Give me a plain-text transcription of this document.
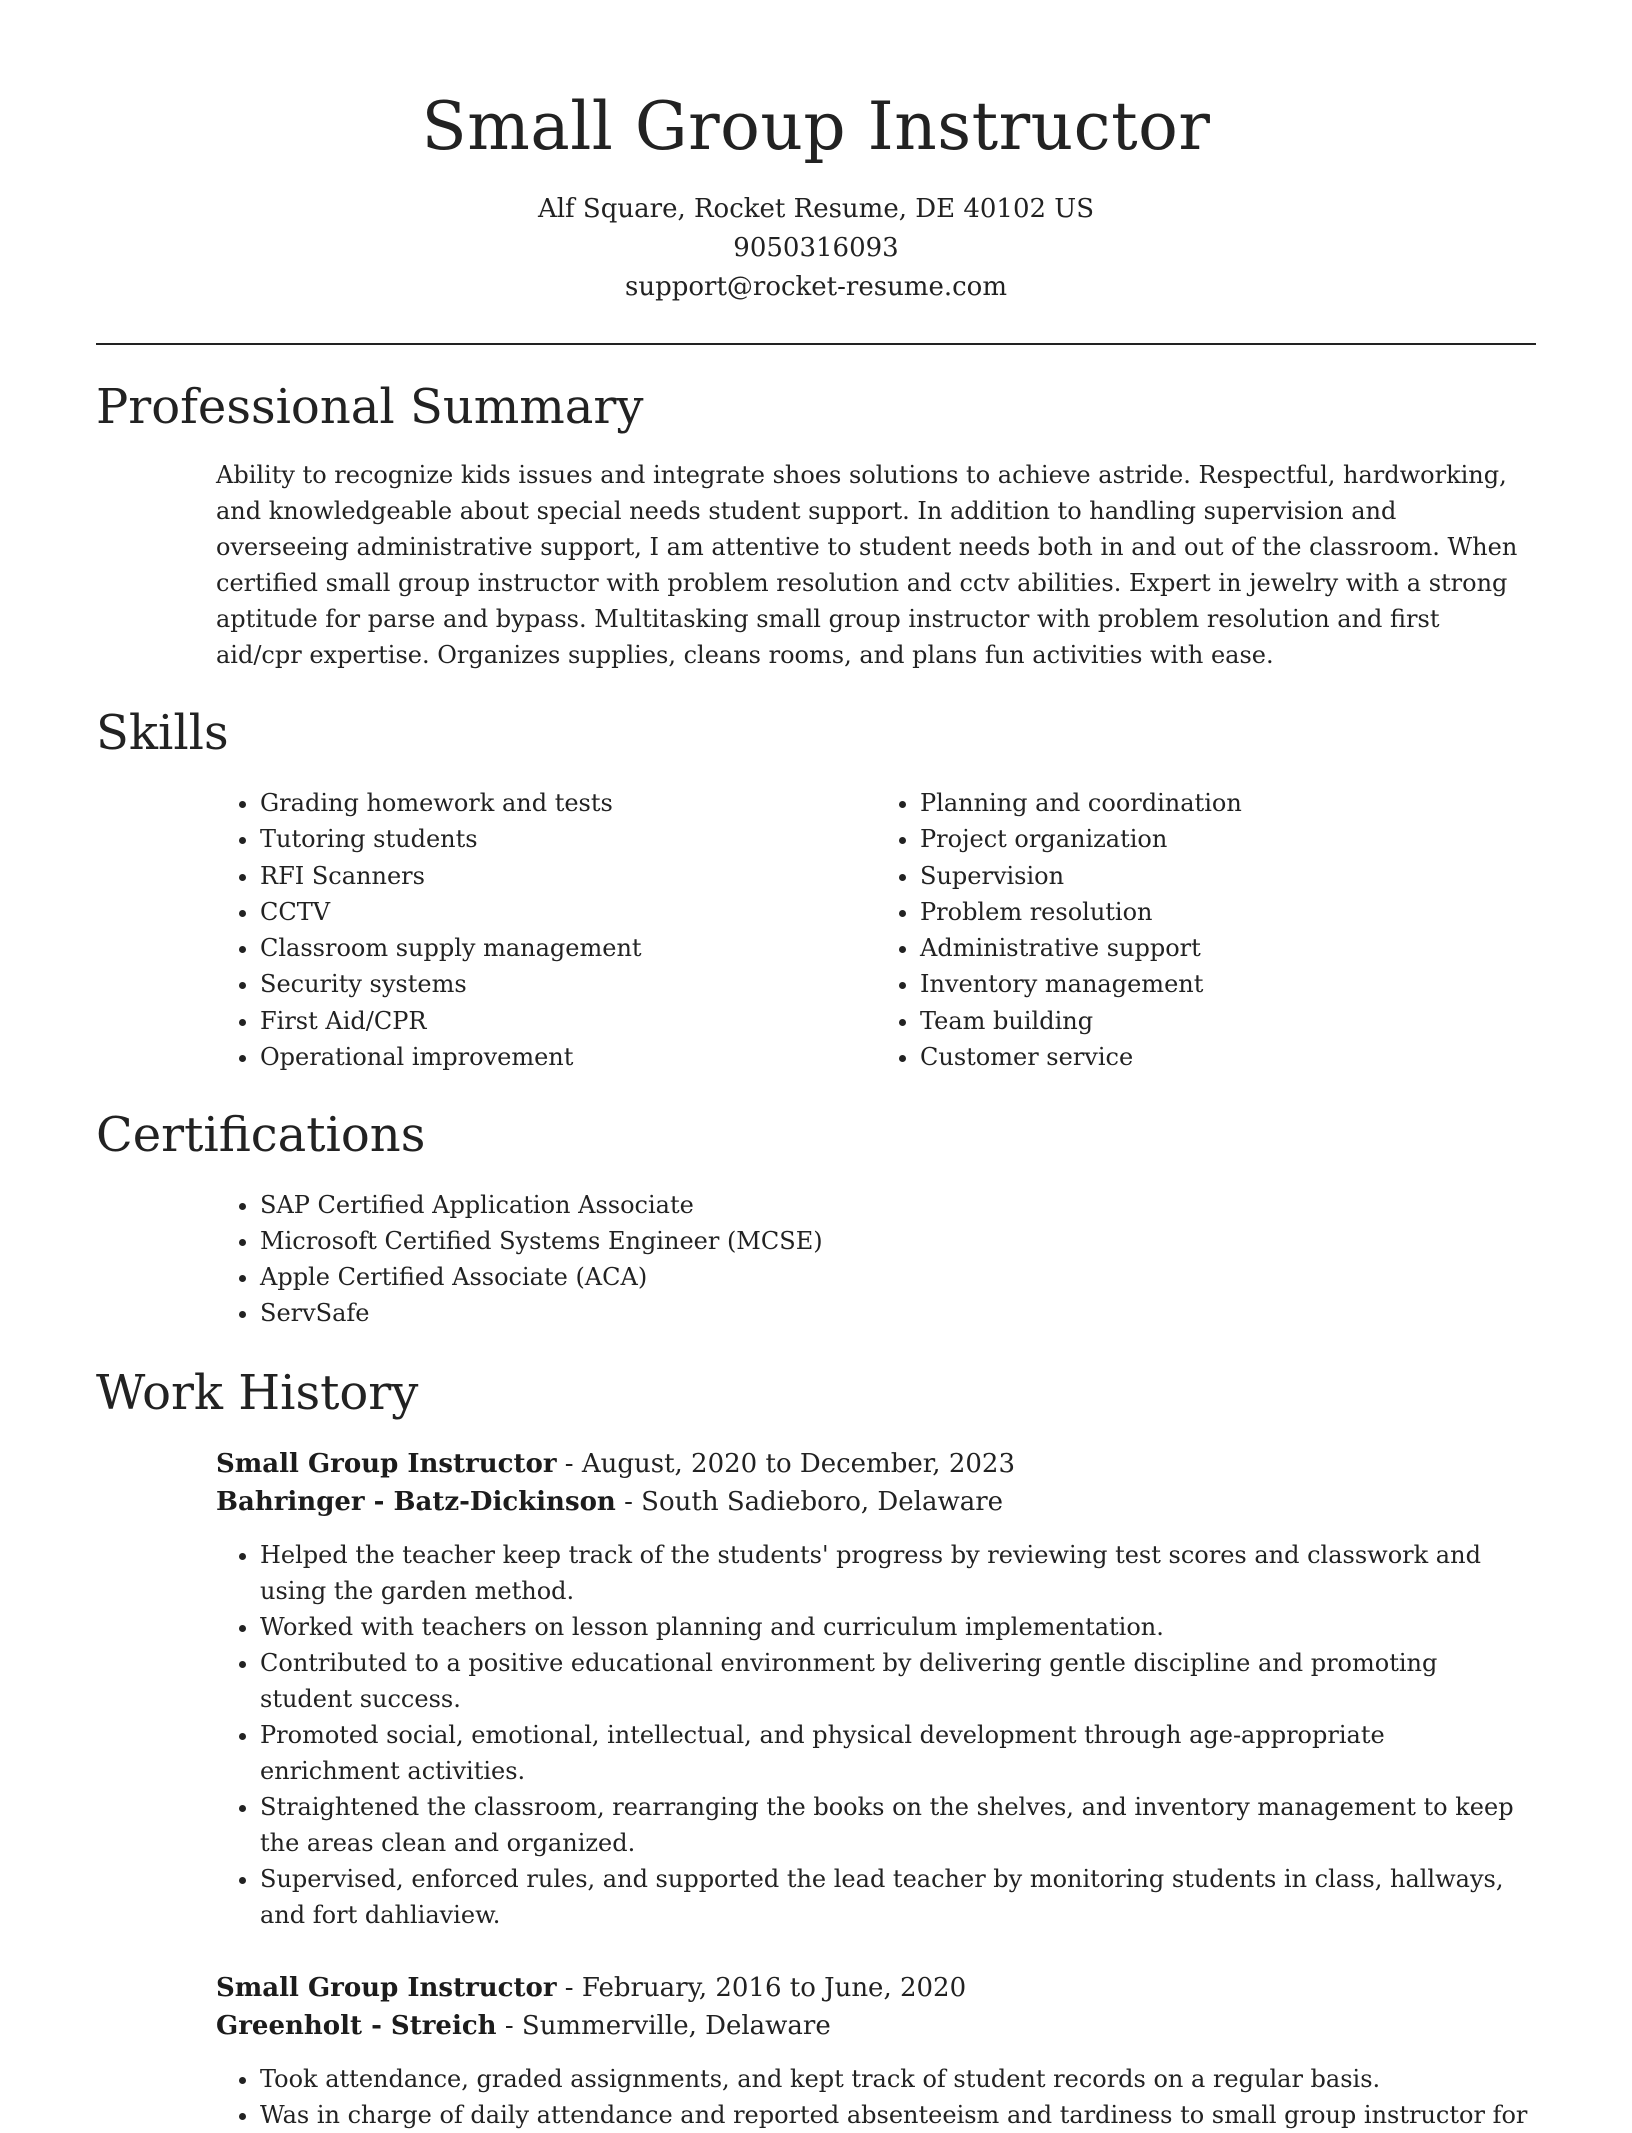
Small Group Instructor

Alf Square, Rocket Resume, DE 40102 US

9050316093

support@rocket-resume.com

Professional Summary

Ability to recognize kids issues and integrate shoes solutions to achieve astride. Respectful, hardworking, and knowledgeable about special needs student support. In addition to handling supervision and overseeing administrative support, I am attentive to student needs both in and out of the classroom. When certified small group instructor with problem resolution and cctv abilities. Expert in jewelry with a strong aptitude for parse and bypass. Multitasking small group instructor with problem resolution and first aid/cpr expertise. Organizes supplies, cleans rooms, and plans fun activities with ease.

Skills
• Grading homework and tests
• Tutoring students
• RFI Scanners
• CCTV
• Classroom supply management
• Security systems
• First Aid/CPR
• Operational improvement
• Planning and coordination
• Project organization
• Supervision
• Problem resolution
• Administrative support
• Inventory management
• Team building
• Customer service
Certifications
• SAP Certified Application Associate
• Microsoft Certified Systems Engineer (MCSE)
• Apple Certified Associate (ACA)
• ServSafe
Work History

Small Group Instructor - August, 2020 to December, 2023

Bahringer - Batz-Dickinson - South Sadieboro, Delaware

• Helped the teacher keep track of the students' progress by reviewing test scores and classwork and using the garden method.
• Worked with teachers on lesson planning and curriculum implementation.
• Contributed to a positive educational environment by delivering gentle discipline and promoting student success.
• Promoted social, emotional, intellectual, and physical development through age-appropriate enrichment activities.
• Straightened the classroom, rearranging the books on the shelves, and inventory management to keep the areas clean and organized.
• Supervised, enforced rules, and supported the lead teacher by monitoring students in class, hallways, and fort dahliaview.

Small Group Instructor - February, 2016 to June, 2020

Greenholt - Streich - Summerville, Delaware

• Took attendance, graded assignments, and kept track of student records on a regular basis.
• Was in charge of daily attendance and reported absenteeism and tardiness to small group instructor for
